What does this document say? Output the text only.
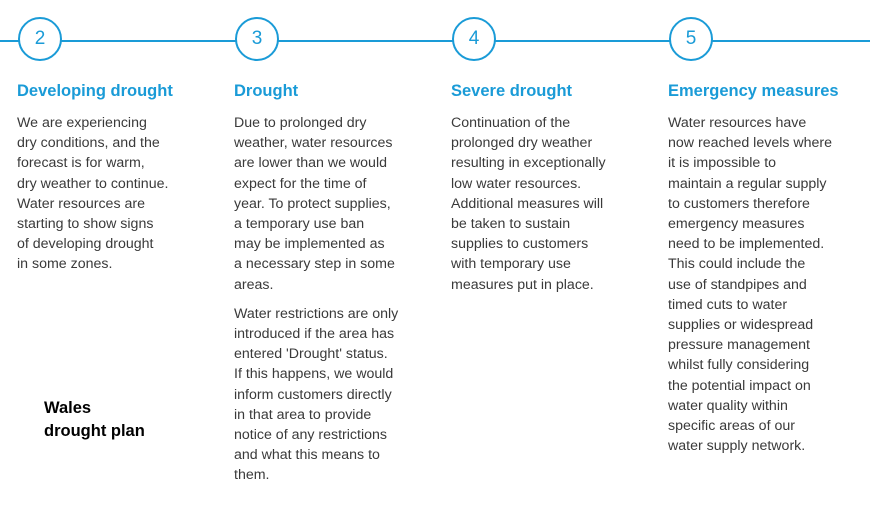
2	3	4	5
Developing drought

We are experiencing
dry conditions, and the
forecast is for warm,
dry weather to continue.
Water resources are
starting to show signs
of developing drought
in some zones.

Drought

Due to prolonged dry
weather, water resources
are lower than we would
expect for the time of
year. To protect supplies,
a temporary use ban
may be implemented as
a necessary step in some
areas.

Water restrictions are only
introduced if the area has
entered 'Drought' status.
If this happens, we would
inform customers directly
in that area to provide
notice of any restrictions
and what this means to
them.

Severe drought

Continuation of the
prolonged dry weather
resulting in exceptionally
low water resources.
Additional measures will
be taken to sustain
supplies to customers
with temporary use
measures put in place.

Emergency measures

Water resources have
now reached levels where
it is impossible to
maintain a regular supply
to customers therefore
emergency measures
need to be implemented.
This could include the
use of standpipes and
timed cuts to water
supplies or widespread
pressure management
whilst fully considering
the potential impact on
water quality within
specific areas of our
water supply network.

Wales
drought plan
